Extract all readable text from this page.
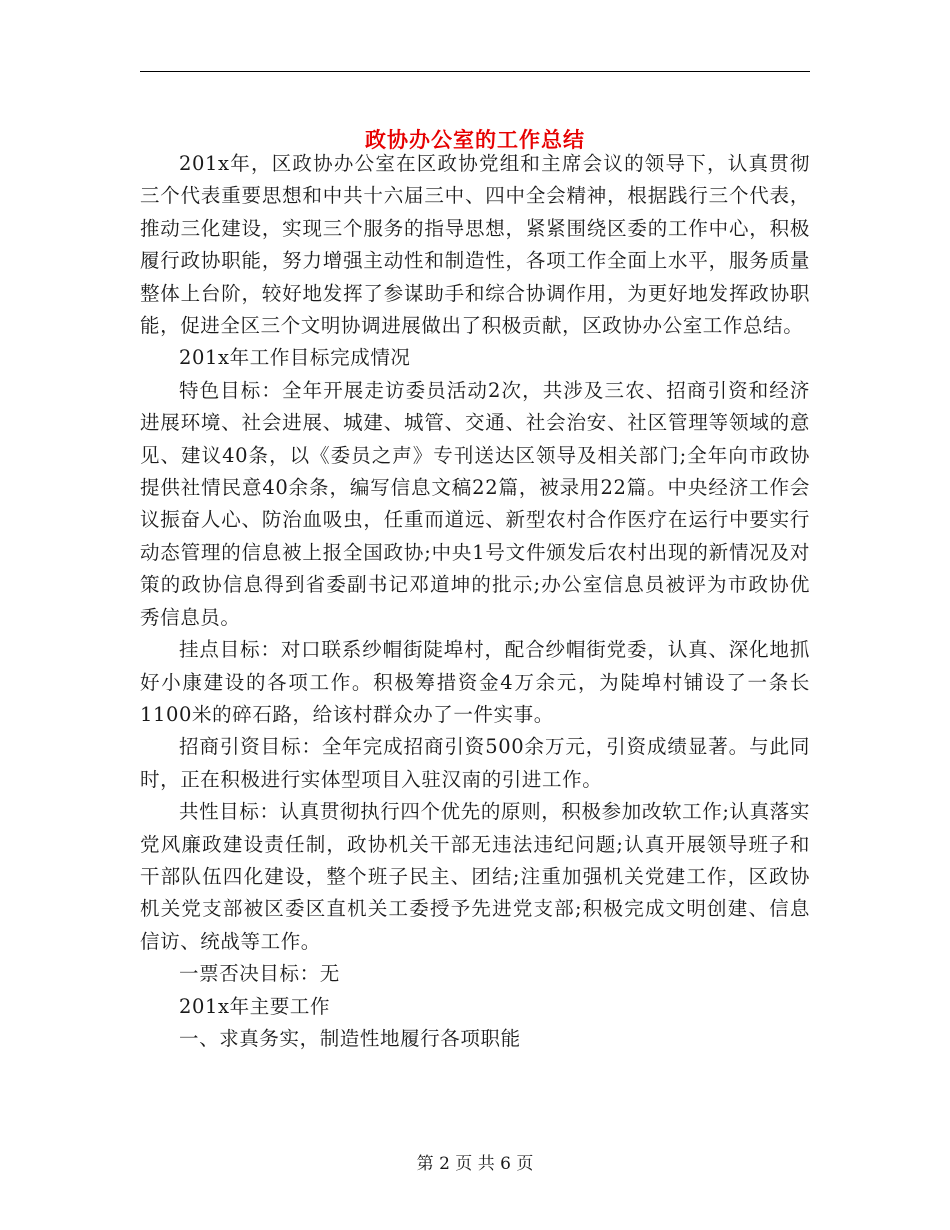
政协办公室的工作总结

201x年，区政协办公室在区政协党组和主席会议的领导下，认真贯彻三个代表重要思想和中共十六届三中、四中全会精神，根据践行三个代表，推动三化建设，实现三个服务的指导思想，紧紧围绕区委的工作中心，积极履行政协职能，努力增强主动性和制造性，各项工作全面上水平，服务质量整体上台阶，较好地发挥了参谋助手和综合协调作用，为更好地发挥政协职能，促进全区三个文明协调进展做出了积极贡献，区政协办公室工作总结。

201x年工作目标完成情况

特色目标：全年开展走访委员活动2次，共涉及三农、招商引资和经济进展环境、社会进展、城建、城管、交通、社会治安、社区管理等领域的意见、建议40条，以《委员之声》专刊送达区领导及相关部门;全年向市政协提供社情民意40余条，编写信息文稿22篇，被录用22篇。中央经济工作会议振奋人心、防治血吸虫，任重而道远、新型农村合作医疗在运行中要实行动态管理的信息被上报全国政协;中央1号文件颁发后农村出现的新情况及对策的政协信息得到省委副书记邓道坤的批示;办公室信息员被评为市政协优秀信息员。

挂点目标：对口联系纱帽街陡埠村，配合纱帽街党委，认真、深化地抓好小康建设的各项工作。积极筹措资金4万余元，为陡埠村铺设了一条长1100米的碎石路，给该村群众办了一件实事。

招商引资目标：全年完成招商引资500余万元，引资成绩显著。与此同时，正在积极进行实体型项目入驻汉南的引进工作。

共性目标：认真贯彻执行四个优先的原则，积极参加改软工作;认真落实党风廉政建设责任制，政协机关干部无违法违纪问题;认真开展领导班子和干部队伍四化建设，整个班子民主、团结;注重加强机关党建工作，区政协机关党支部被区委区直机关工委授予先进党支部;积极完成文明创建、信息信访、统战等工作。

一票否决目标：无

201x年主要工作

一、求真务实，制造性地履行各项职能

第 2 页 共 6 页
